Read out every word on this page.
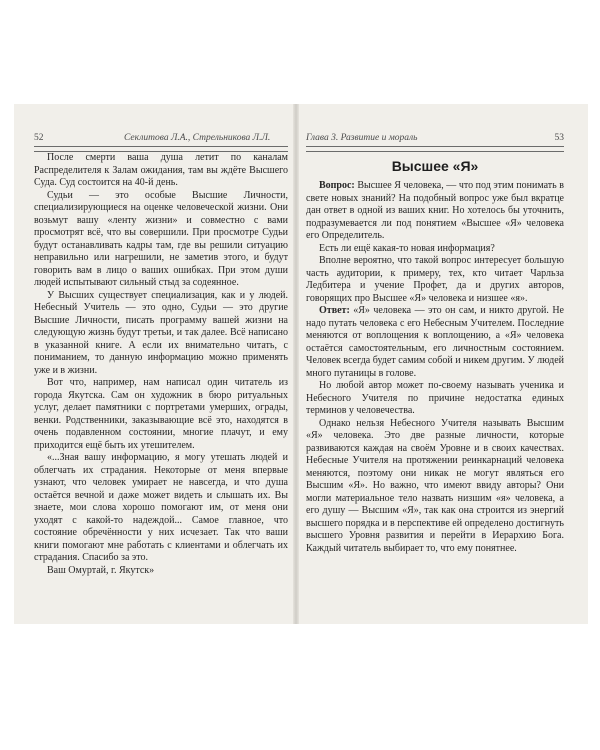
52	Секлитова Л.А., Стрельникова Л.Л.	Глава 3. Развитие и мораль	53

После смерти ваша душа летит по каналам Распределителя к Залам ожидания, там вы ждёте Высшего Суда. Суд состоится на 40-й день.

Судьи — это особые Высшие Личности, специализирующиеся на оценке человеческой жизни. Они возьмут вашу «ленту жизни» и совместно с вами просмотрят всё, что вы совершили. При просмотре Судьи будут останавливать кадры там, где вы решили ситуацию неправильно или нагрешили, не заметив этого, и будут говорить вам в лицо о ваших ошибках. При этом души людей испытывают сильный стыд за содеянное.

У Высших существует специализация, как и у людей. Небесный Учитель — это одно, Судьи — это другие Высшие Личности, писать программу вашей жизни на следующую жизнь будут третьи, и так далее. Всё написано в указанной книге. А если их внимательно читать, с пониманием, то данную информацию можно применять уже и в жизни.

Вот что, например, нам написал один читатель из города Якутска. Сам он художник в бюро ритуальных услуг, делает памятники с портретами умерших, ограды, венки. Родственники, заказывающие всё это, находятся в очень подавленном состоянии, многие плачут, и ему приходится ещё быть их утешителем.

«...Зная вашу информацию, я могу утешать людей и облегчать их страдания. Некоторые от меня впервые узнают, что человек умирает не навсегда, и что душа остаётся вечной и даже может видеть и слышать их. Вы знаете, мои слова хорошо помогают им, от меня они уходят с какой-то надеждой... Самое главное, что состояние обречённости у них исчезает. Так что ваши книги помогают мне работать с клиентами и облегчать их страдания. Спасибо за это.

Ваш Омуртай, г. Якутск»

Высшее «Я»

Вопрос: Высшее Я человека, — что под этим понимать в свете новых знаний? На подобный вопрос уже был вкратце дан ответ в одной из ваших книг. Но хотелось бы уточнить, подразумевается ли под понятием «Высшее «Я» человека его Определитель.

Есть ли ещё какая-то новая информация?

Вполне вероятно, что такой вопрос интересует большую часть аудитории, к примеру, тех, кто читает Чарльза Ледбитера и учение Профет, да и других авторов, говорящих про Высшее «Я» человека и низшее «я».

Ответ: «Я» человека — это он сам, и никто другой. Не надо путать человека с его Небесным Учителем. Последние меняются от воплощения к воплощению, а «Я» человека остаётся самостоятельным, его личностным состоянием. Человек всегда будет самим собой и никем другим. У людей много путаницы в голове.

Но любой автор может по-своему называть ученика и Небесного Учителя по причине недостатка единых терминов у человечества.

Однако нельзя Небесного Учителя называть Высшим «Я» человека. Это две разные личности, которые развиваются каждая на своём Уровне и в своих качествах. Небесные Учителя на протяжении реинкарнаций человека меняются, поэтому они никак не могут являться его Высшим «Я». Но важно, что имеют ввиду авторы? Они могли материальное тело назвать низшим «я» человека, а его душу — Высшим «Я», так как она строится из энергий высшего порядка и в перспективе ей определено достигнуть высшего Уровня развития и перейти в Иерархию Бога. Каждый читатель выбирает то, что ему понятнее.
